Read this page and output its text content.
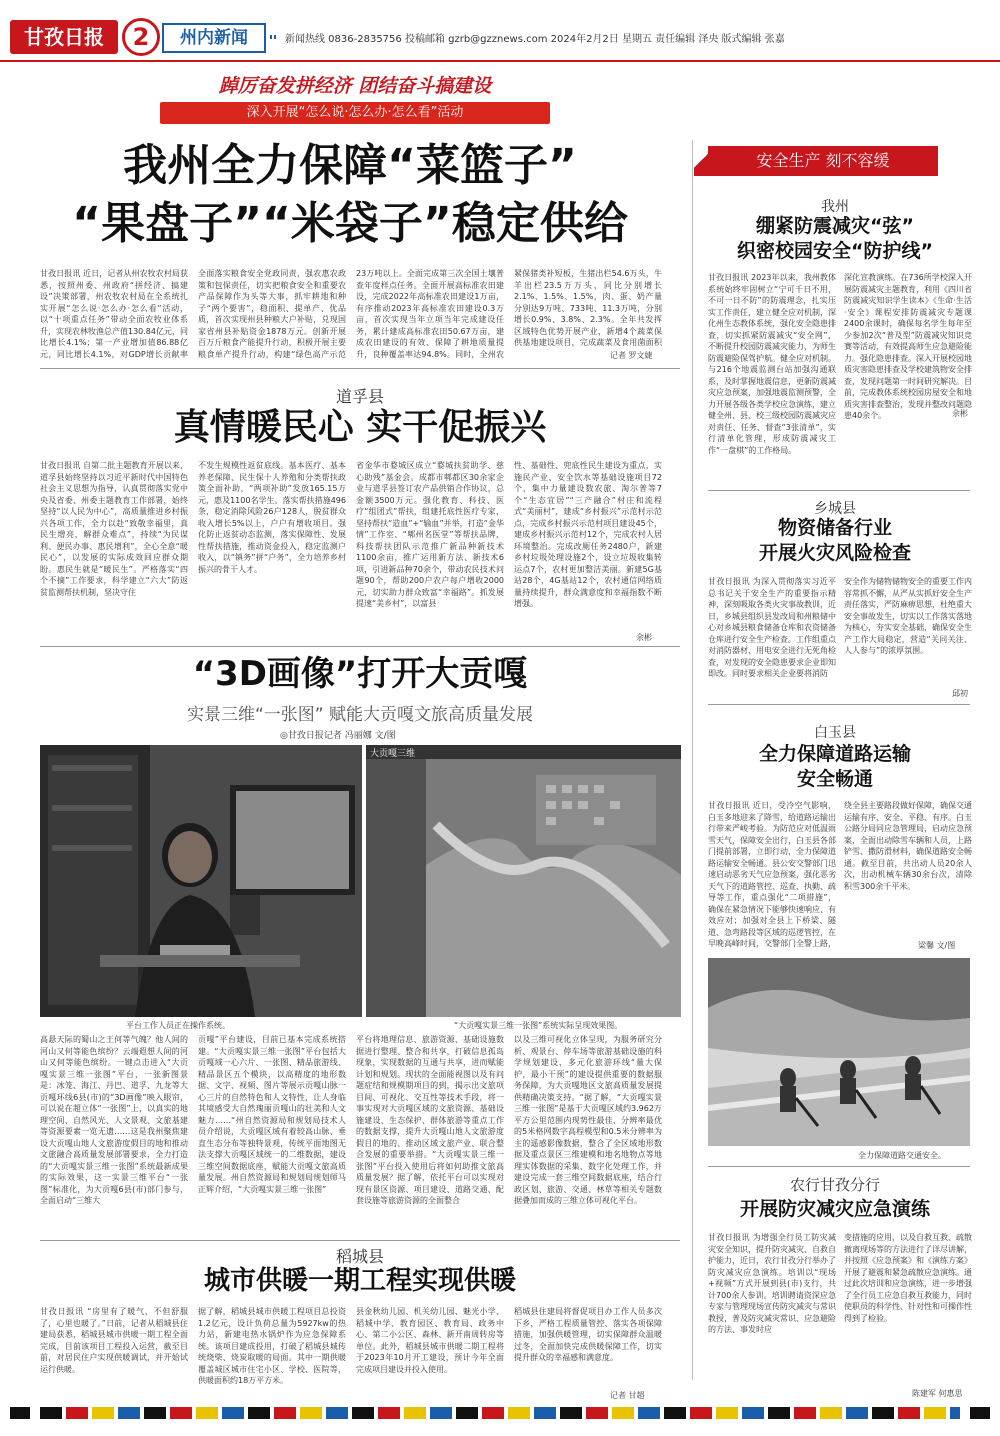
甘孜日报	2	州内新闻	新闻热线 0836-2835756 投稿邮箱 gzrb@gzznews.com 2024年2月2日 星期五 责任编辑 泽央 版式编辑 张嘉
踔厉奋发拼经济 团结奋斗搞建设
深入开展“怎么说·怎么办·怎么看”活动
我州全力保障“菜篮子”
“果盘子”“米袋子”稳定供给
甘孜日报讯 近日，记者从州农牧农村局获悉，按照州委、州政府“拼经济、搞建设”决策部署，州农牧农村局在全系统扎实开展“怎么说·怎么办·怎么看”活动，以“十项重点任务”带动全面农牧业体系升，实现农林牧渔总产值130.84亿元，同比增长4.1%；第一产业增加值86.88亿元，同比增长4.1%，对GDP增长贡献率
全面落实粮食安全党政同责，强农惠农政策和包保责任，切实把粮食安全和重要农产品保障作为头等大事，抓牢耕地和种子“两个要害”，稳面积、提单产、优品质，首次实现州县种粮大户补贴，兑现国家省州县补贴资金1878万元。创新开展百万斤粮食产能提升行动，积极开展主要粮食单产提升行动，构建“绿色高产示范
23万吨以上。全面完成第三次全国土壤普查年度样点任务。全面开展高标准农田建设，完成2022年高标准农田建设1万亩，有序推动2023年高标准农田建设0.3万亩，首次实现当年立项当年完成建设任务，累计建成高标准农田50.67万亩，建成农田建设的有效、保障了耕地质量提升，良种覆盖率达94.8%。同时，全州农
紧保猪类补短板，生猪出栏54.6万头，牛羊出栏23.5万万头，同比分别增长2.1%、1.5%、1.5%，肉、蛋、奶产量分别达9万吨、733吨、11.3万吨，分别增长0.9%、3.8%、2.3%。全年共发挥区域特色优势开展产业，新增4个蔬菜保供基地建设项目，完成蔬菜及食用菌面积
记者 罗文婕
道孚县
真情暖民心 实干促振兴
甘孜日报讯 自第二批主题教育开展以来，道孚县始终坚持以习近平新时代中国特色社会主义思想为指导，认真贯彻落实党中央及省委、州委主题教育工作部署，始终坚持“以人民为中心”，高质量推进乡村振兴各项工作，全力以赴“致敬幸福里，真民生增亮，解群众难点”，持续“为民谋利、便民办事、惠民增利”，全心全意“暖民心”，以发展的实际成效回应群众期盼。惠民生就是“暖民生”。严格落实“四个不摘”工作要求，科学建立“六大”防返贫监测帮扶机制，坚决守住
不发生规模性返贫底线。基本医疗、基本养老保障、民生保十人养殖和分类帮扶政策全面补助，“两项补助”发放165.15万元，惠及1100名学生。落实帮扶措施496条，稳定消除风险26户128人，脱贫群众收入增长5%以上，户户有增收项目。强化防止返贫动态监测，落实保障性、发展性帮扶措施，推动资金投入，稳定监测户收入，以“镇务”拼“户务”，全力培养乡村振兴的骨干人才。
省金华市婺城区成立“婺城扶贫助学、慈心助残”基金会。成都市郫都区30余家企业与道孚县签订农产品供销合作协议，总金额3500万元。强化教育、科技、医疗“组团式”帮扶，组建托底性医疗专家，坚持帮扶“造血”+“输血”并举，打造“金华情”工作室、“郫州名医堂”等帮扶品牌，科技帮扶团队示范推广新品种新技术1100余亩，推广运用新方法、新技术6项，引进新品种70余个，带动农民技术问题90个，帮助200户农户每户增收2000元，切实助力群众致富“幸福路”。抓发展提速“美乡村”，以富县
性、基础性、兜底性民生建设为重点，实施民产业、安全饮水等基础设施项目72个，集中力量建设数农旅、淘尔普等7个“生态宜居”“三产融合”村庄和流程式“美丽村”，建成“乡村振兴”示范村示范点，完成乡村振兴示范村项目建设45个，建成乡村振兴示范村12个，完成农村人居环境整治。完成改厕任务2480户，新建乡村垃圾处理设施2个，设立垃圾收集转运点7个，农村更加整洁美丽。新建5G基站28个，4G基站12个，农村通信网络质量持续提升，群众满意度和幸福指数不断增强。
余彬
“3D画像”打开大贡嘎
实景三维“一张图” 赋能大贡嘎文旅高质量发展
◎甘孜日报记者 冯丽娜 文/图
平台工作人员正在操作系统。
大贡嘎三维
“大贡嘎实景三维一张图”系统实际呈现效果图。
高悬天际的蜀山之王何等气魄？他人间的河山又何等能色缤纷？云端遐想人间的河山又何等能色缤纷。一键点击进入“大贡嘎实景三维一张图”平台，一张新图景是：冰笼、海江、丹巴、道孚、九龙等大贡嘎环线6县(市)的“3D画像”映入眼帘，可以说在超立体“一张图”上，以真实的地理空间、自然风光、人文景观、文旅基建等资源要素一览无遗……这是我州聚焦建设大贡嘎山地人文旅游度假目的地和推动文旅融合高质量发展部署要求，全力打造的“大贡嘎实景三维一张图”系统最新成果的实际效果，这一实景三维平台“一张图”标准化，为大贡嘎6县(市)部门参与，全面启动“三维大
贡嘎”平台建设，目前已基本完成系统搭建。“大贡嘎实景三维一张图”平台包括大贡嘎域一心六片、一张图、精品旅游线、精品景区五个模块，以高精度的地形数据、文字、视频、图片等展示贡嘎山脉一心三片的自然特色和人文特性，让人身临其境感受大自然瑰丽贡嘎山的壮美和人文魅力……“州自然资源局和规划局技术人员介绍说，大贡嘎区域有着较高山脉、垂直生态分布等独特景观，传统平面地图无法支撑大贡嘎区域统一的二维数据，建设三维空间数据底座，赋能大贡嘎文旅高质量发展。州自然资源局和规划局规划师马正辉介绍，“大贡嘎实景三维一张图”
平台将地理信息、旅游资源、基础设施数据进行整理、整合和共享，打破信息孤岛现象，实现数据的互通与共享，进而赋能计划和规划。现状的全面能视图以及有问题症结和规模期项目的到，揭示出文旅项目间、可视化、交互性等技术手段，将一事实现对大贡嘎区域的文旅资源、基础设施建设、生态保护、群体旅游等重点工作的数据支撑，提升大贡嘎山地人文旅游度假目的地的、推动区域文旅产业、联合整合发展的重要举措。“大贡嘎实景三维一张图”平台投入使用后将如何助推文旅高质量发展？据了解，依托平台可以实现对现有景区资源、项目建设、道路交通、配套设施等旅游资源的全面整合
以及三维可视化立体呈现，为服务研究分析、观景台、停车场等旅游基础设施的科学规划建设，多元化旅游环线“量大保护，最小干预”的建设提供重要的数据服务保障，为大贡嘎地区文旅高质量发展提供精确决策支持。“据了解，“大贡嘎实景三维一张图”是基于大贡嘎区域约3.962万平方公里范围内现势性最佳、分辨率最优的5米格网数字高程模型和0.5米分辨率为主的遥感影像数据，整合了全区域地形数据及重点景区三维建模和地名地物点等地理实体数据的采集、数字化处理工作，并建设完成一套三维空间数据底座，结合行政区划、旅游、交通、林草等相关专题数据叠加而成的三维立体可视化平台。
稻城县
城市供暖一期工程实现供暖
甘孜日报讯 “房里有了暖气，不但舒服了，心里也暖了。”日前，记者从稻城县住建局获悉，稻城县城市供暖一期工程全面完成，目前该项目工程投入运营，截至目前，对居民住户实现供暖调试，并开始试运行供暖。
据了解，稻城县城市供暖工程项目总投资1.2亿元，设计负荷总量为5927kw的热力站，新建电热水锅炉作为应急保障系统。该项目建成投用，打破了稻城县城传统烧柴、烧炭取暖的局面。其中一期供暖覆盖城区城市住宅小区、学校、医院等，供暖面积约18万平方米。
县金秋幼儿园、机关幼儿园、魅光小学、稻城中学、教育园区、教育局、政务中心、第二小公区、森林、新开南周转房等单位。此外，稻城县城市供暖二期工程将于2023年10月开工建设，预计今年全面完成项目建设并投入使用。
稻城县住建局将督促项目办工作人员多次下乡，严格工程质量管控、落实各项保障措施，加强供暖管理，切实保障群众温暖过冬，全面加快完成供暖保障工作，切实提升群众的幸福感和满意度。
记者 甘超
安全生产 刻不容缓
我州
绷紧防震减灾“弦”
织密校园安全“防护线”
甘孜日报讯 2023年以来，我州教体系统始终牢固树立“宁可千日不用，不可一日不防”的防震理念，扎实压实工作责任，建立健全应对机制，深化州生态教体系统，强化安全隐患排查，切实抓紧防震减灾“安全网”，不断提升校园防震减灾能力，为师生防震避险保驾护航。健全应对机制。与216个地震监测台站加强沟通联系，及时掌握地震信息，更新防震减灾应急预案，加强地震监测预警，全力开展各级各类学校应急演练，建立健全州、县、校三级校园防震减灾应对责任、任务、督查“3张清单”，实行清单化管理，形成防震减灾工作“一盘棋”的工作格局。
深化宣教演练。在736所学校深入开展防震减灾主题教育，利用《四川省防震减灾知识学生读本》《生命·生活·安全》课程安排防震减灾专题课2400余课时，确保每名学生每年至少参加2次“普及型”防震减灾知识竞赛等活动，有效提高师生应急避险能力。强化隐患排查。深入开展校园地质灾害隐患排查及学校建筑物安全排查，发现问题第一时间研究解决。目前，完成教体系统校园房屋安全和地质灾害排查整治，发现并整改问题隐患40余个。	余彬
乡城县
物资储备行业
开展火灾风险检查
甘孜日报讯 为深入贯彻落实习近平总书记关于安全生产的重要指示精神，深刻吸取各类火灾事故教训，近日，乡城县组织县发改局和州粮储中心对乡城县粮食储备仓库和农资储备仓库进行安全生产检查。工作组重点对消防器材、用电安全进行无死角检查，对发现的安全隐患要求企业即知即改。同时要求相关企业要将消防
安全作为储物储物安全的重要工作内容常抓不懈，从严从实抓好安全生产责任落实，严防麻痹思想，杜绝重大安全事故发生，切实以工作落实落地为核心，夯实安全基础，确保安全生产工作大局稳定，营造“关同关注、人人参与”的浓厚氛围。
邱初
白玉县
全力保障道路运输
安全畅通
甘孜日报讯 近日，受冷空气影响，白玉多地迎来了降雪，给道路运输出行带来严峻考验。为防范应对低温雨雪天气，保障安全出行，白玉县各部门提前部署，立即行动，全力保障道路运输安全畅通。县公安交警部门迅速启动恶劣天气应急预案，强化恶劣天气下的道路管控、巡查、执勤、疏导等工作，重点强化“二项措施”，确保在紧急情况下能够快速响应、有效应对；加强对全县上下桥梁、隧道、急弯路段等区域的巡逻管控，在早晚高峰时间，交警部门全警上路，
绕全县主要路段做好保障，确保交通运输有序、安全、平稳、有序。白玉公路分局同应急管理局，启动应急预案，全面出动除雪车辆和人员，上路铲雪、撒防滑材料，确保道路安全畅通。截至目前，共出动人员20余人次，出动机械车辆30余台次，清除积雪300余千平米。
梁馨 文/图
全力保障道路交通安全。
农行甘孜分行
开展防灾减灾应急演练
甘孜日报讯 为增强全行员工防灾减灾安全知识，提升防灾减灾、自救自护能力，近日，农行甘孜分行举办了防灾减灾应急演练。培训以“现场+视频”方式开展到县(市)支行，共计700余人参训。培训聘请资深应急专家与管理现场宣传防灾减灾与常识教授，普及防灾减灾常识、应急避险的方法、事发时应
变措施的应用，以及自救互救、疏散撤离现场等的方法进行了详尽讲解，并按照《应急预案》和《演练方案》开展了避震和紧急疏散应急演练。通过此次培训和应急演练，进一步增强了全行员工应急自救互救能力，同时使职员的科学性、针对性和可操作性得到了检验。
陈建军 何惠思
